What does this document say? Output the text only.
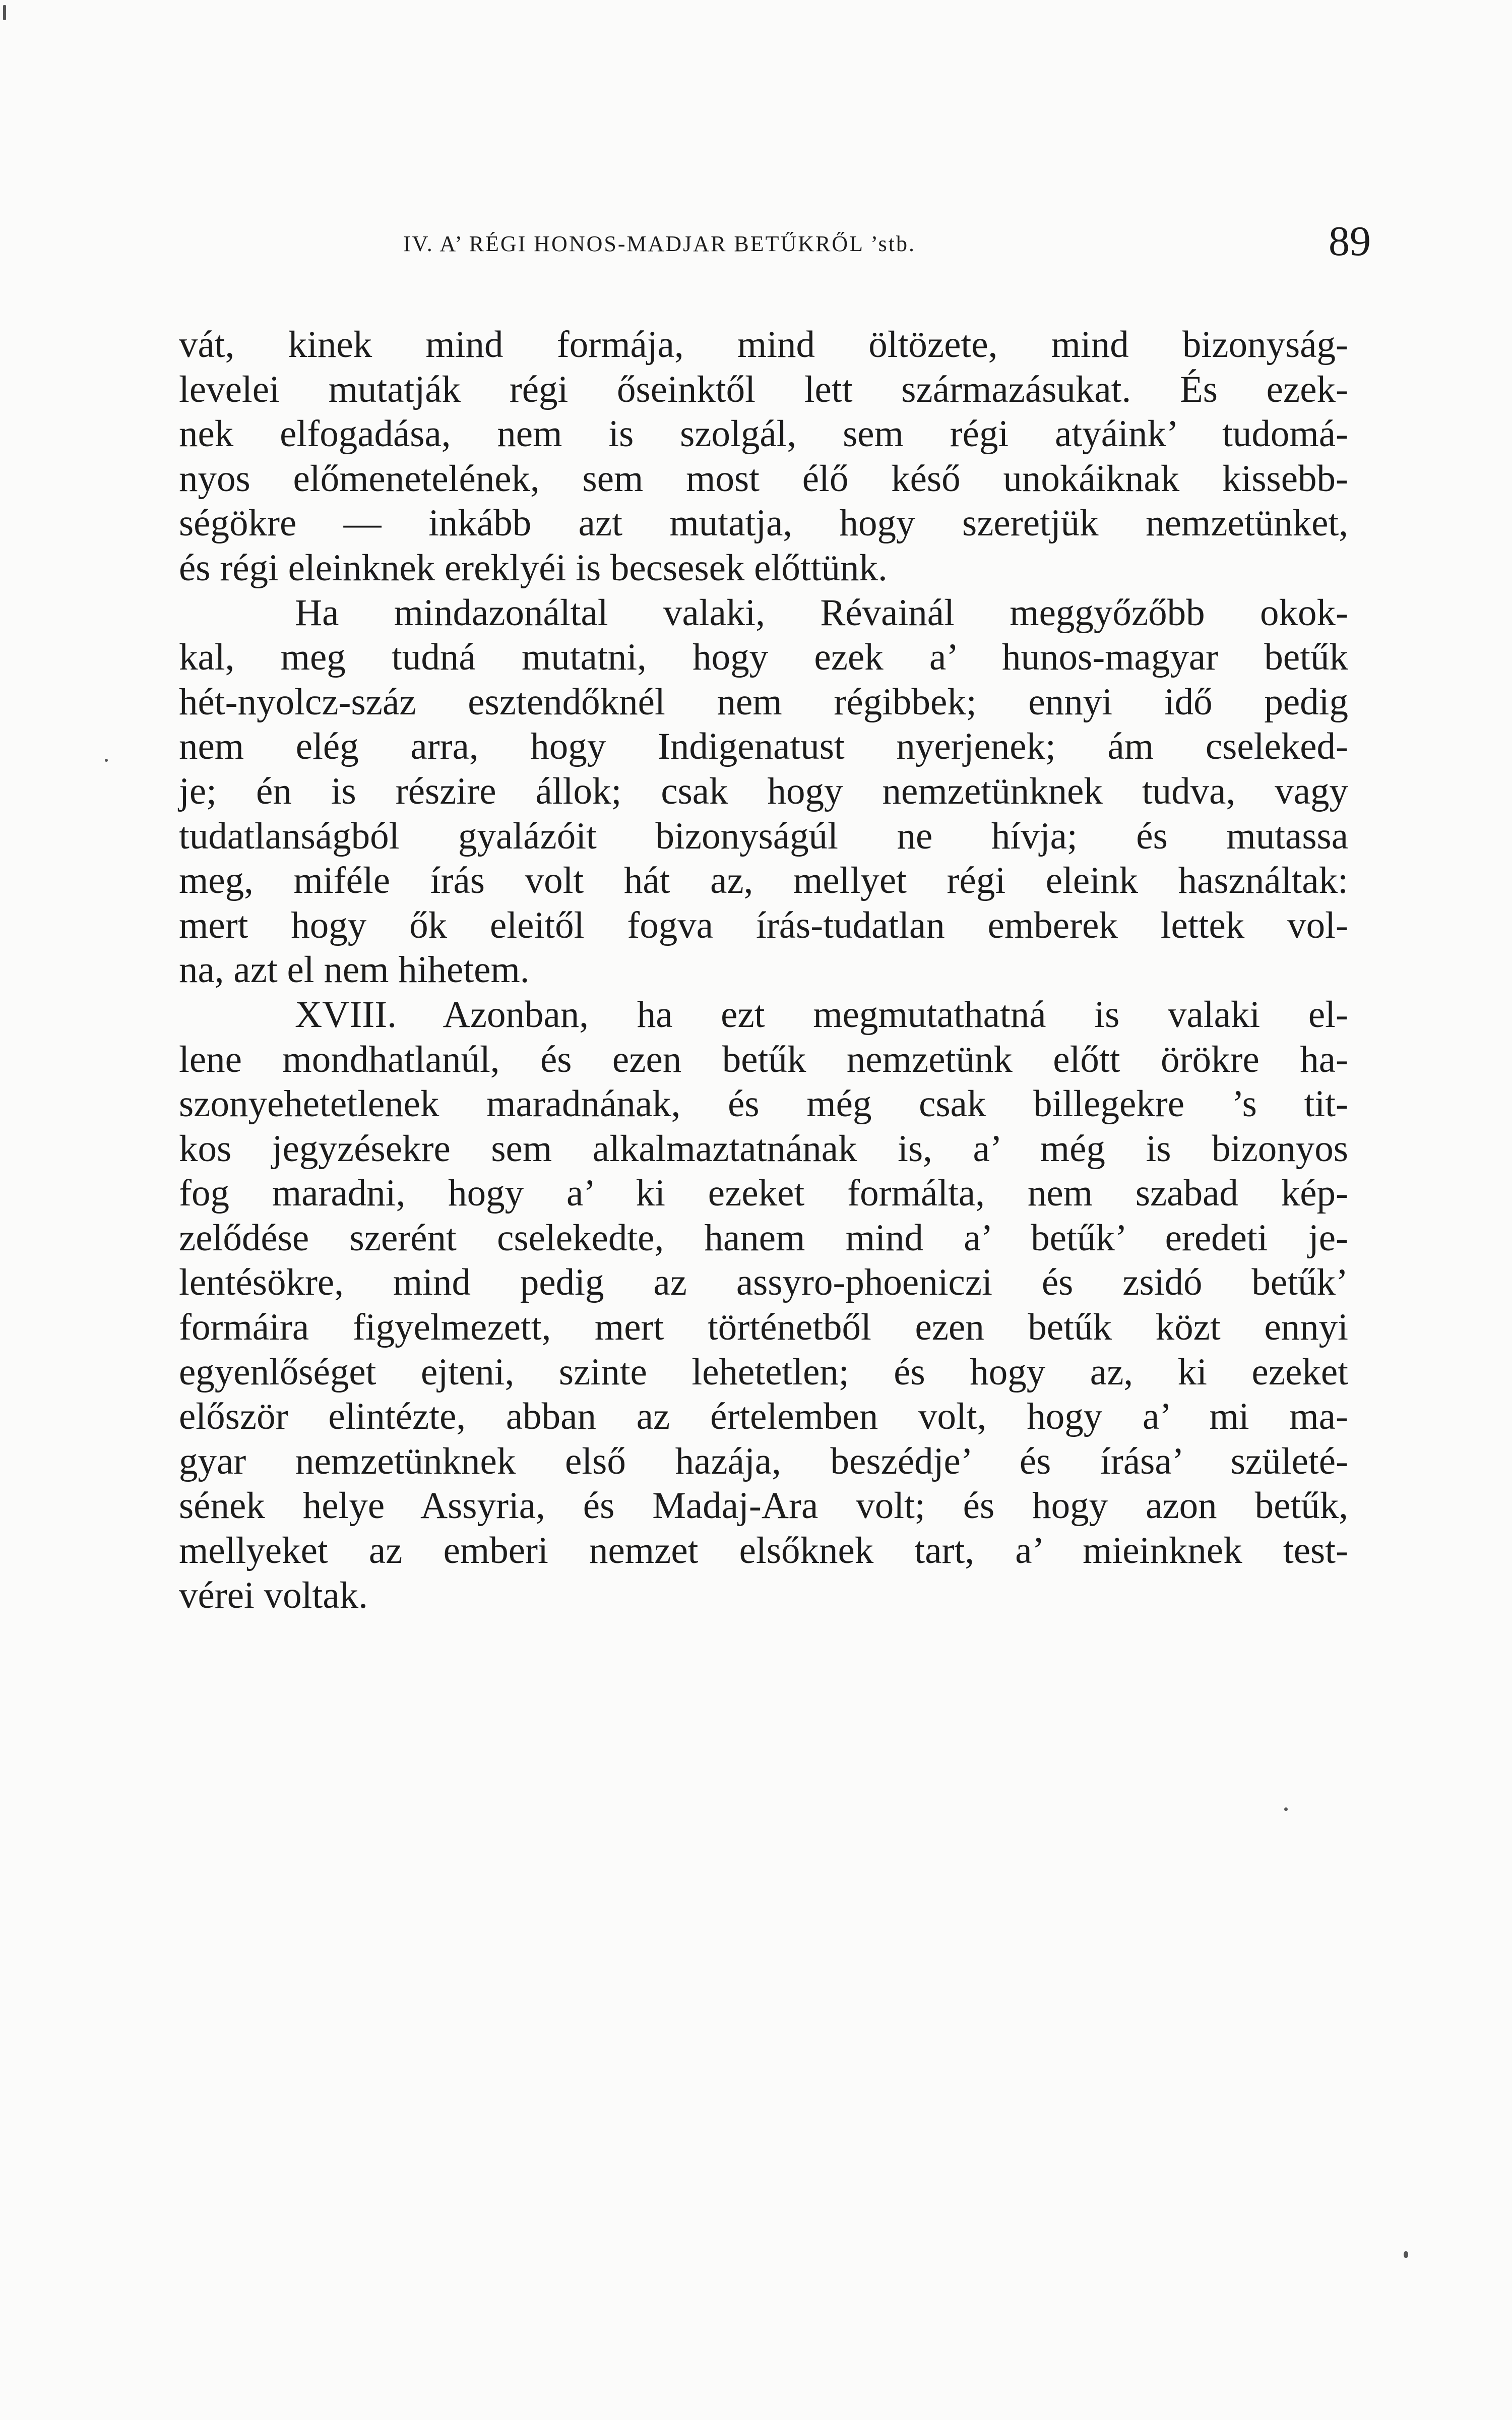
IV. A’ RÉGI HONOS-MADJAR BETŰKRŐL ’stb.	89
vát, kinek mind formája, mind öltözete, mind bizonyság-
levelei mutatják régi őseinktől lett származásukat. És ezek-
nek elfogadása, nem is szolgál, sem régi atyáink’ tudomá-
nyos előmenetelének, sem most élő késő unokáiknak kissebb-
ségökre — inkább azt mutatja, hogy szeretjük nemzetünket,
és régi eleinknek ereklyéi is becsesek előttünk.
Ha mindazonáltal valaki, Révainál meggyőzőbb okok-
kal, meg tudná mutatni, hogy ezek a’ hunos-magyar betűk
hét-nyolcz-száz esztendőknél nem régibbek; ennyi idő pedig
nem elég arra, hogy Indigenatust nyerjenek; ám cseleked-
je; én is részire állok; csak hogy nemzetünknek tudva, vagy
tudatlanságból gyalázóit bizonyságúl ne hívja; és mutassa
meg, miféle írás volt hát az, mellyet régi eleink használtak:
mert hogy ők eleitől fogva írás-tudatlan emberek lettek vol-
na, azt el nem hihetem.
XVIII. Azonban, ha ezt megmutathatná is valaki el-
lene mondhatlanúl, és ezen betűk nemzetünk előtt örökre ha-
szonyehetetlenek maradnának, és még csak billegekre ’s tit-
kos jegyzésekre sem alkalmaztatnának is, a’ még is bizonyos
fog maradni, hogy a’ ki ezeket formálta, nem szabad kép-
zelődése szerént cselekedte, hanem mind a’ betűk’ eredeti je-
lentésökre, mind pedig az assyro-phoeniczi és zsidó betűk’
formáira figyelmezett, mert történetből ezen betűk közt ennyi
egyenlőséget ejteni, szinte lehetetlen; és hogy az, ki ezeket
először elintézte, abban az értelemben volt, hogy a’ mi ma-
gyar nemzetünknek első hazája, beszédje’ és írása’ születé-
sének helye Assyria, és Madaj-Ara volt; és hogy azon betűk,
mellyeket az emberi nemzet elsőknek tart, a’ mieinknek test-
vérei voltak.
